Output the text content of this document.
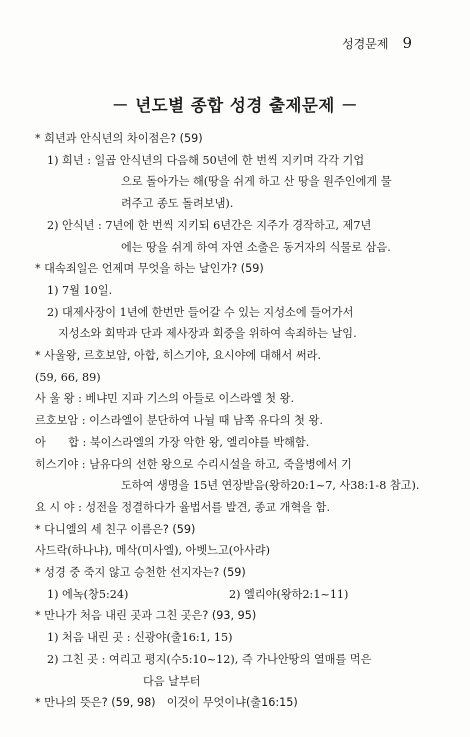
성경문제 9
－ 년도별 종합 성경 출제문제 －
* 희년과 안식년의 차이점은? (59)
1) 희년 : 일곱 안식년의 다음해 50년에 한 번씩 지키며 각각 기업
으로 돌아가는 해(땅을 쉬게 하고 산 땅을 원주인에게 물
려주고 종도 돌려보냄).
2) 안식년 : 7년에 한 번씩 지키되 6년간은 지주가 경작하고, 제7년
에는 땅을 쉬게 하여 자연 소출은 동거자의 식물로 삼음.
* 대속죄일은 언제며 무엇을 하는 날인가? (59)
1) 7월 10일.
2) 대제사장이 1년에 한번만 들어갈 수 있는 지성소에 들어가서
지성소와 회막과 단과 제사장과 회중을 위하여 속죄하는 날임.
* 사울왕, 르호보암, 아합, 히스기야, 요시야에 대해서 써라.
(59, 66, 89)
사 울 왕 : 베냐민 지파 기스의 아들로 이스라엘 첫 왕.
르호보암 : 이스라엘이 분단하여 나뉠 때 남쪽 유다의 첫 왕.
아　　합 : 북이스라엘의 가장 악한 왕, 엘리야를 박해함.
히스기야 : 남유다의 선한 왕으로 수리시설을 하고, 죽을병에서 기
도하여 생명을 15년 연장받음(왕하20:1~7, 사38:1-8 참고).
요 시 야 : 성전을 정결하다가 율법서를 발견, 종교 개혁을 함.
* 다니엘의 세 친구 이름은? (59)
사드락(하나냐), 메삭(미사엘), 아벳느고(아사랴)
* 성경 중 죽지 않고 승천한 선지자는? (59)
1) 에녹(창5:24)　　　　　　　　　2) 엘리야(왕하2:1~11)
* 만나가 처음 내린 곳과 그친 곳은? (93, 95)
1) 처음 내린 곳 : 신광야(출16:1, 15)
2) 그친 곳 : 여리고 평지(수5:10~12), 즉 가나안땅의 열매를 먹은
다음 날부터
* 만나의 뜻은? (59, 98)　이것이 무엇이냐(출16:15)
